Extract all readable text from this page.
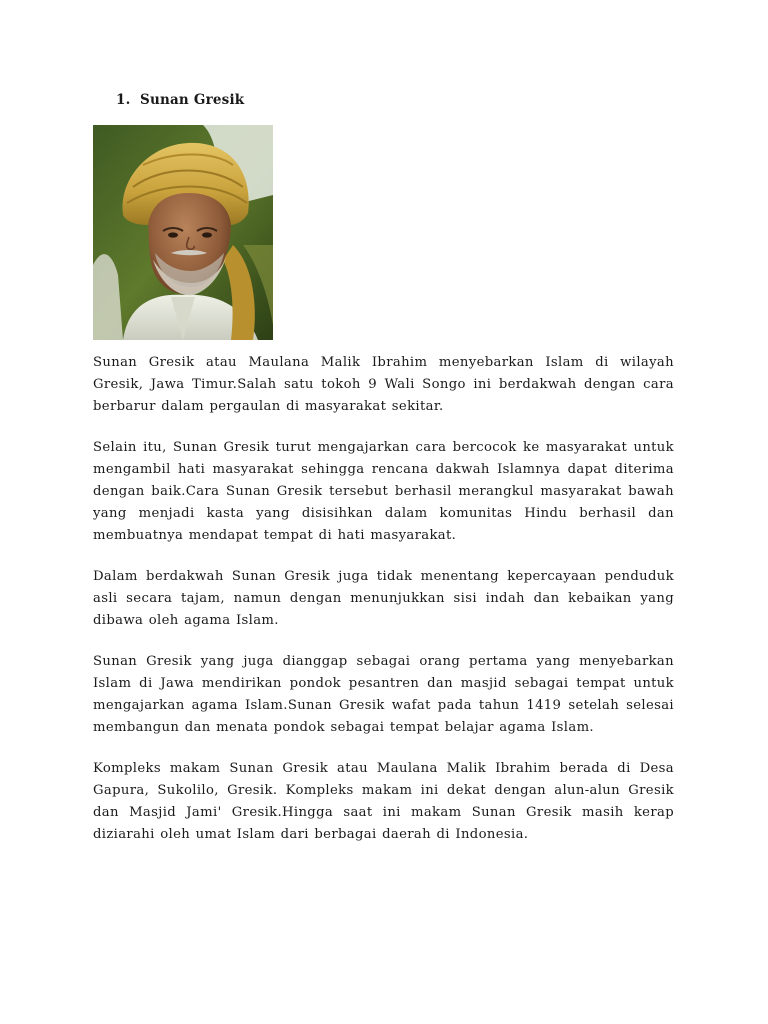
1. Sunan Gresik

Sunan Gresik atau Maulana Malik Ibrahim menyebarkan Islam di wilayah Gresik, Jawa Timur.Salah satu tokoh 9 Wali Songo ini berdakwah dengan cara berbarur dalam pergaulan di masyarakat sekitar.

Selain itu, Sunan Gresik turut mengajarkan cara bercocok ke masyarakat untuk mengambil hati masyarakat sehingga rencana dakwah Islamnya dapat diterima dengan baik.Cara Sunan Gresik tersebut berhasil merangkul masyarakat bawah yang menjadi kasta yang disisihkan dalam komunitas Hindu berhasil dan membuatnya mendapat tempat di hati masyarakat.

Dalam berdakwah Sunan Gresik juga tidak menentang kepercayaan penduduk asli secara tajam, namun dengan menunjukkan sisi indah dan kebaikan yang dibawa oleh agama Islam.

Sunan Gresik yang juga dianggap sebagai orang pertama yang menyebarkan Islam di Jawa mendirikan pondok pesantren dan masjid sebagai tempat untuk mengajarkan agama Islam.Sunan Gresik wafat pada tahun 1419 setelah selesai membangun dan menata pondok sebagai tempat belajar agama Islam.

Kompleks makam Sunan Gresik atau Maulana Malik Ibrahim berada di Desa Gapura, Sukolilo, Gresik. Kompleks makam ini dekat dengan alun-alun Gresik dan Masjid Jami' Gresik.Hingga saat ini makam Sunan Gresik masih kerap diziarahi oleh umat Islam dari berbagai daerah di Indonesia.
